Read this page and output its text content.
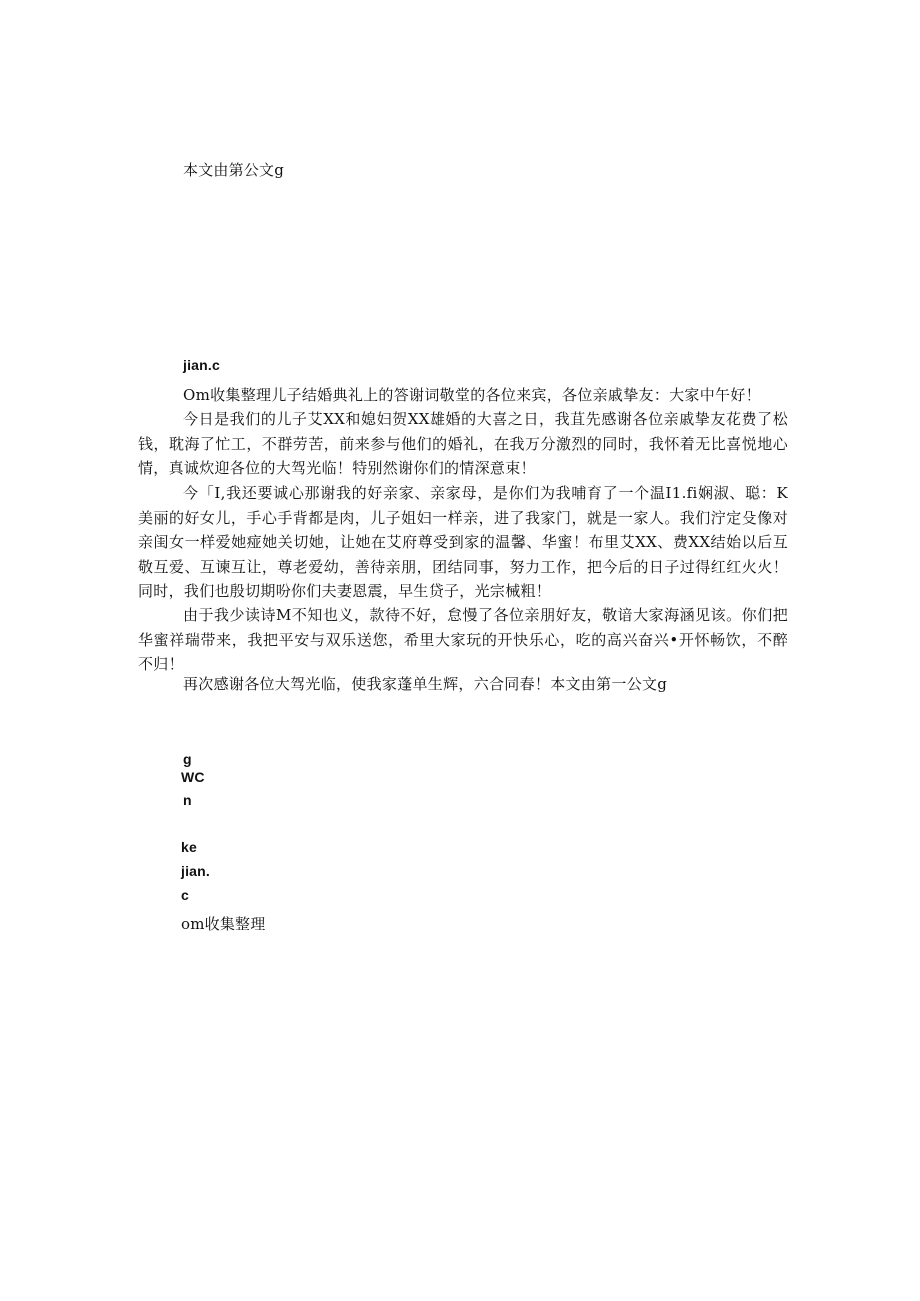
本文由第公文g
jian.c
Om收集整理儿子结婚典礼上的答谢词敬堂的各位来宾，各位亲戚挚友：大家中午好！
今日是我们的儿子艾XX和媳妇贺XX雄婚的大喜之日，我苴先感谢各位亲戚挚友花费了松钱，耽海了忙工，不群劳苦，前来参与他们的婚礼，在我万分激烈的同时，我怀着无比喜悦地心情，真诚炊迎各位的大驾光临！特别然谢你们的情深意束！
今「I,我还要诚心那谢我的好亲家、亲家母，是你们为我哺育了一个温I1.fi娴淑、聪：K美丽的好女儿，手心手背都是肉，儿子姐妇一样亲，进了我家门，就是一家人。我们泞定殳像对亲闺女一样爱她痖她关切她，让她在艾府尊受到家的温馨、华蜜！布里艾XX、费XX结始以后互敬互爱、互谏互让，尊老爱幼，善待亲朋，团结同事，努力工作，把今后的日子过得红红火火！同时，我们也殷切期吩你们夫妻恩震，早生贷子，光宗械粗！
由于我少读诗M不知也义，款待不好，怠慢了各位亲朋好友，敬谙大家海涵见该。你们把华蜜祥瑞带来，我把平安与双乐送您，希里大家玩的开快乐心，吃的高兴奋兴•开怀畅饮，不醉不归！
再次感谢各位大驾光临，使我家蓬单生辉，六合同春！本文由第一公文g
g
WC
n
ke
jian.
c
om收集整理
